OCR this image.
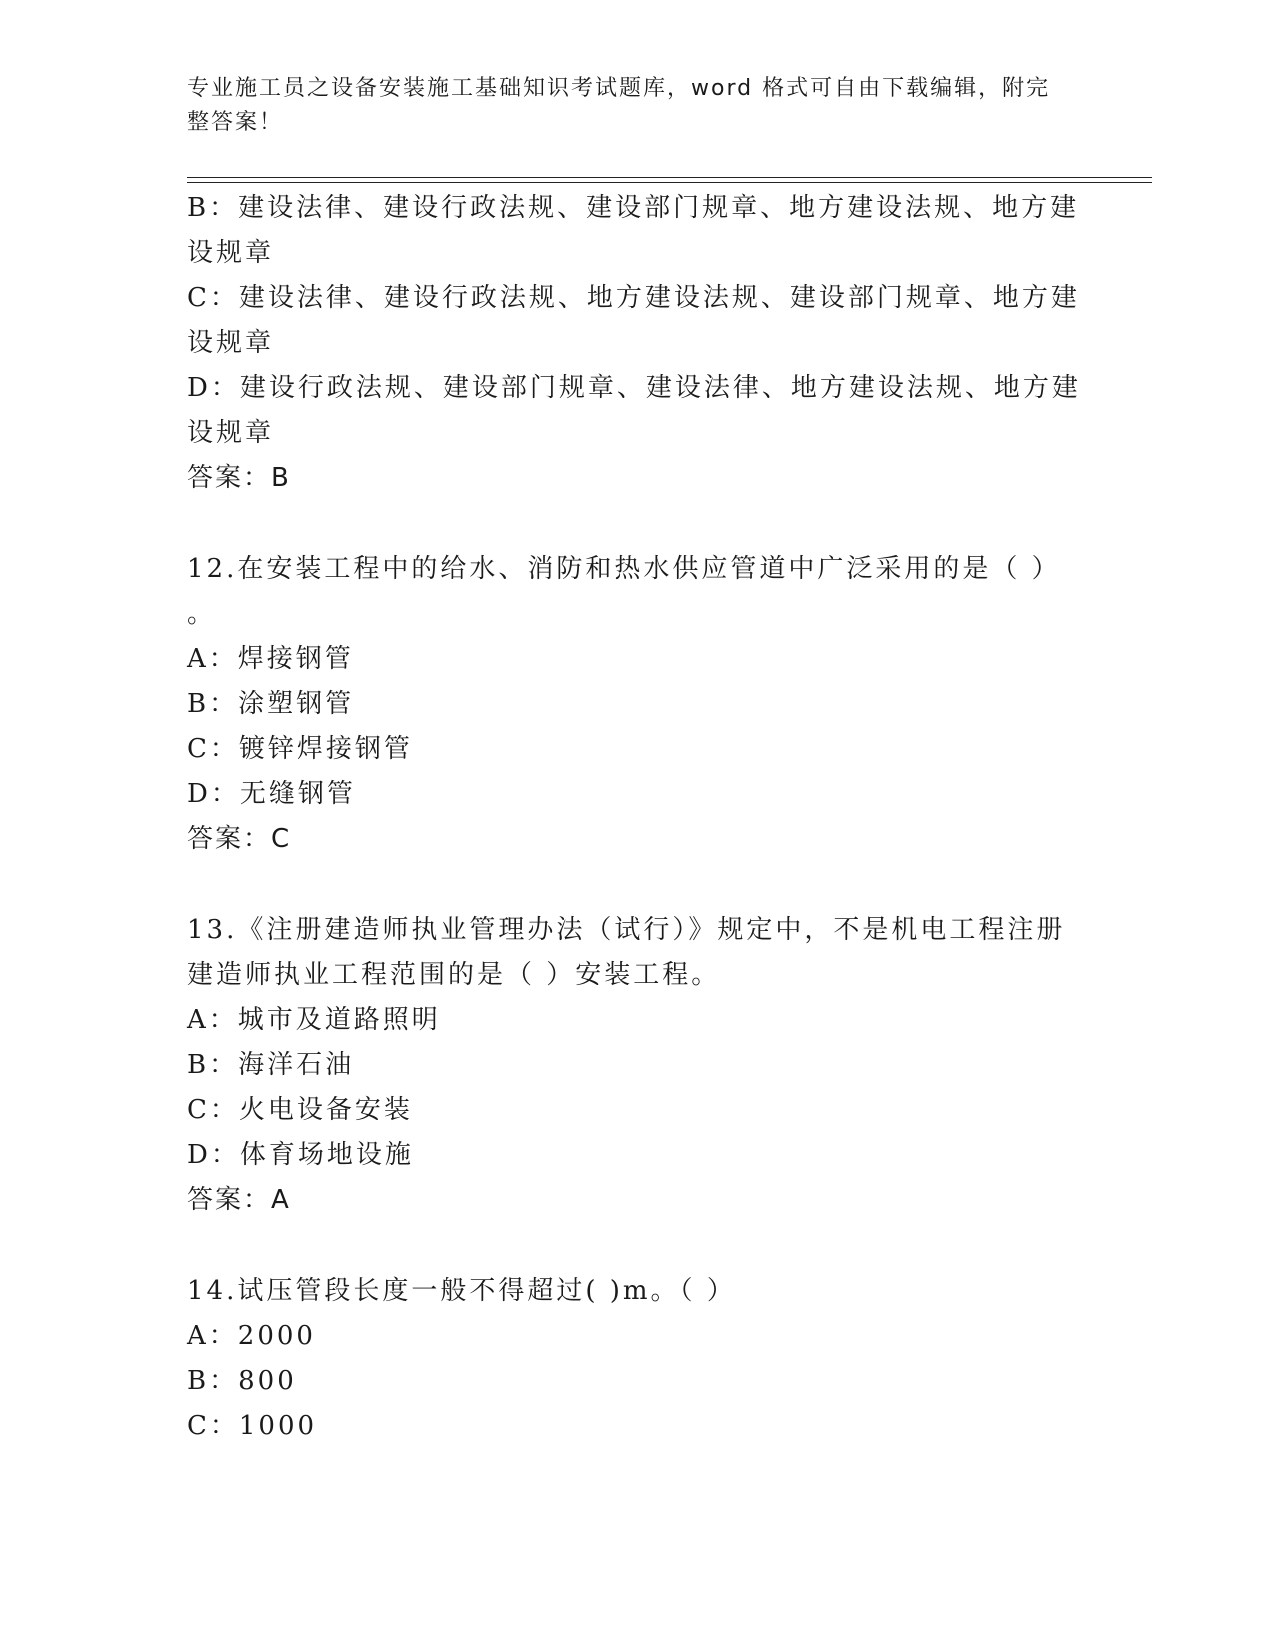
专业施工员之设备安装施工基础知识考试题库，word 格式可自由下载编辑，附完
整答案！
B：建设法律、建设行政法规、建设部门规章、地方建设法规、地方建
设规章
C：建设法律、建设行政法规、地方建设法规、建设部门规章、地方建
设规章
D：建设行政法规、建设部门规章、建设法律、地方建设法规、地方建
设规章
答案：B
12.在安装工程中的给水、消防和热水供应管道中广泛采用的是（ ）
。
A：焊接钢管
B：涂塑钢管
C：镀锌焊接钢管
D：无缝钢管
答案：C
13.《注册建造师执业管理办法（试行）》规定中，不是机电工程注册
建造师执业工程范围的是（ ）安装工程。
A：城市及道路照明
B：海洋石油
C：火电设备安装
D：体育场地设施
答案：A
14.试压管段长度一般不得超过( )m。（ ）
A：2000
B：800
C：1000
